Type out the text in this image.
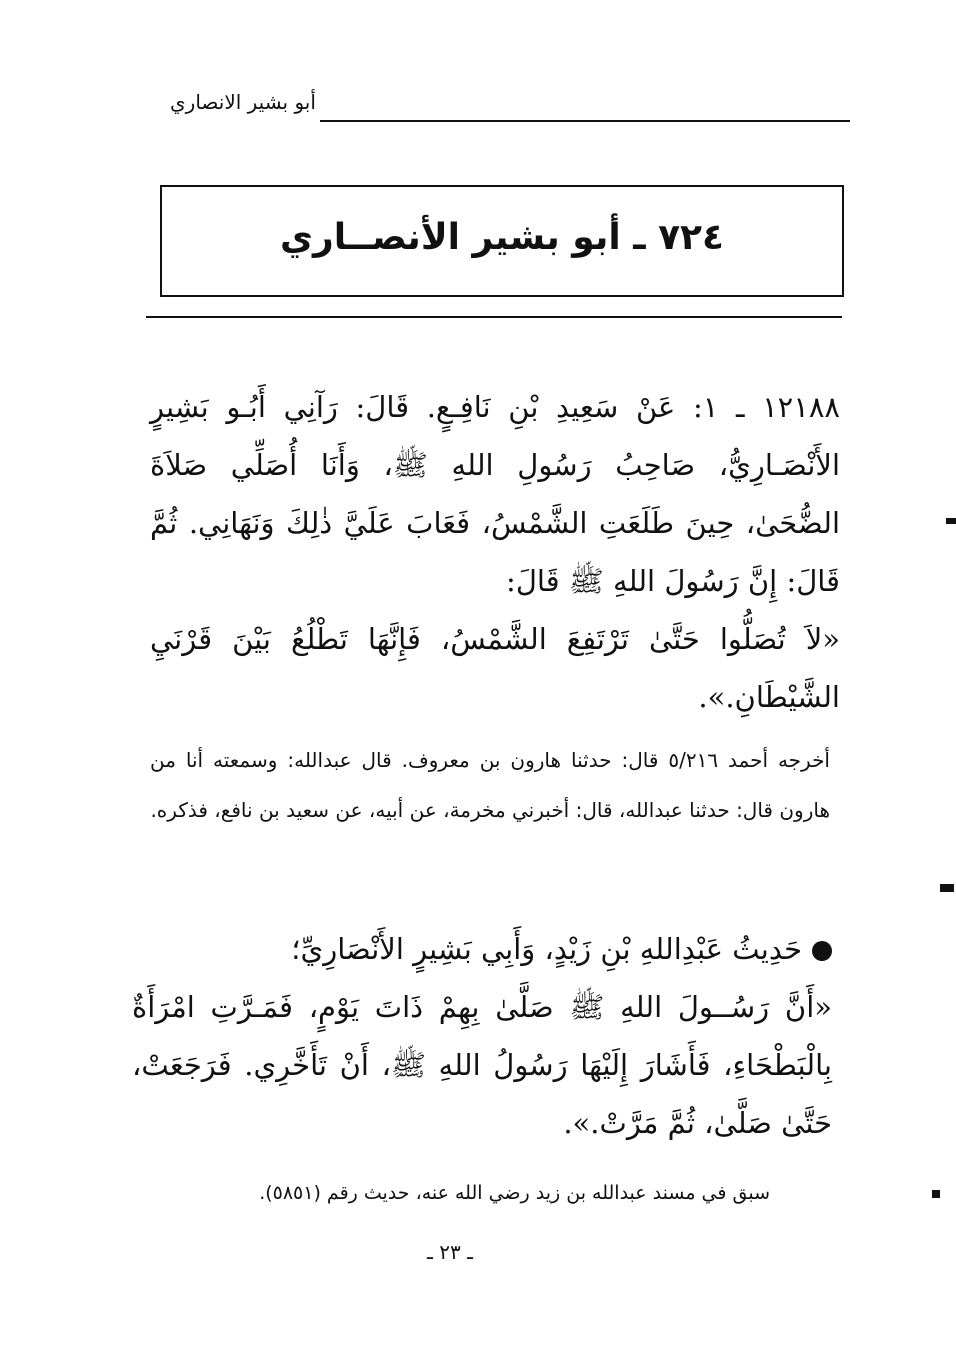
أبو بشير الانصاري
٧٢٤ ـ أبو بشير الأنصــاري
١٢١٨٨ ـ ١: عَنْ سَعِيدِ بْنِ نَافِـعٍ. قَالَ: رَآنِي أَبُـو بَشِيرٍ الأَنْصَـارِيُّ، صَاحِبُ رَسُولِ اللهِ ﷺ، وَأَنَا أُصَلِّي صَلاَةَ الضُّحَىٰ، حِينَ طَلَعَتِ الشَّمْسُ، فَعَابَ عَلَيَّ ذٰلِكَ وَنَهَانِي. ثُمَّ قَالَ: إِنَّ رَسُولَ اللهِ ﷺ قَالَ:
«لاَ تُصَلُّوا حَتَّىٰ تَرْتَفِعَ الشَّمْسُ، فَإِنَّهَا تَطْلُعُ بَيْنَ قَرْنَيِ الشَّيْطَانِ.».
أخرجه أحمد ٥/٢١٦ قال: حدثنا هارون بن معروف. قال عبدالله: وسمعته أنا من هارون قال: حدثنا عبدالله، قال: أخبرني مخرمة، عن أبيه، عن سعيد بن نافع، فذكره.
حَدِيثُ عَبْدِاللهِ بْنِ زَيْدٍ، وَأَبِي بَشِيرٍ الأَنْصَارِيِّ؛
«أَنَّ رَسُــولَ اللهِ ﷺ صَلَّىٰ بِهِمْ ذَاتَ يَوْمٍ، فَمَـرَّتِ امْرَأَةٌ بِالْبَطْحَاءِ، فَأَشَارَ إِلَيْهَا رَسُولُ اللهِ ﷺ، أَنْ تَأَخَّرِي. فَرَجَعَتْ، حَتَّىٰ صَلَّىٰ، ثُمَّ مَرَّتْ.».
سبق في مسند عبدالله بن زيد رضي الله عنه، حديث رقم (٥٨٥١).
ـ ٢٣ ـ
